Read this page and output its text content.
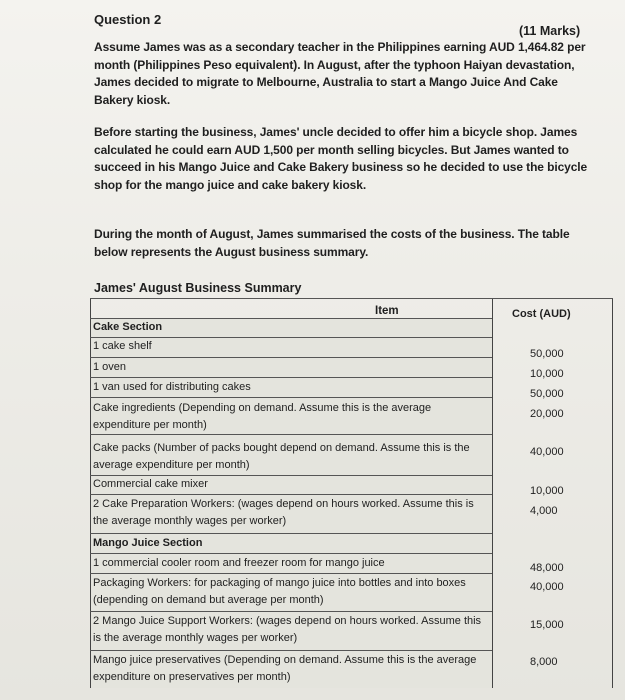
Question 2
(11 Marks)
Assume James was as a secondary teacher in the Philippines earning AUD 1,464.82 per month (Philippines Peso equivalent). In August, after the typhoon Haiyan devastation, James decided to migrate to Melbourne, Australia to start a Mango Juice And Cake Bakery kiosk.
Before starting the business, James' uncle decided to offer him a bicycle shop. James calculated he could earn AUD 1,500 per month selling bicycles. But James wanted to succeed in his Mango Juice and Cake Bakery business so he decided to use the bicycle shop for the mango juice and cake bakery kiosk.
During the month of August, James summarised the costs of the business. The table below represents the August business summary.
James' August Business Summary
Item	Cost (AUD)
Cake Section
1 cake shelf
1 oven
1 van used for distributing cakes
Cake ingredients (Depending on demand. Assume this is the average expenditure per month)
Cake packs (Number of packs bought depend on demand. Assume this is the average expenditure per month)
Commercial cake mixer
2 Cake Preparation Workers: (wages depend on hours worked. Assume this is the average monthly wages per worker)
Mango Juice Section
1 commercial cooler room and freezer room for mango juice
Packaging Workers: for packaging of mango juice into bottles and into boxes (depending on demand but average per month)
2 Mango Juice Support Workers: (wages depend on hours worked. Assume this is the average monthly wages per worker)
Mango juice preservatives (Depending on demand. Assume this is the average expenditure on preservatives per month)
50,000
10,000
50,000
20,000
40,000
10,000
4,000
48,000
40,000
15,000
8,000
